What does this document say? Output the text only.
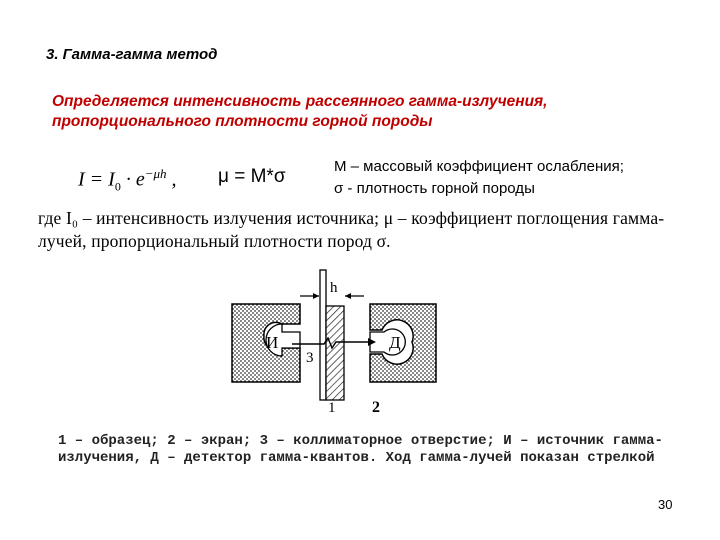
3. Гамма-гамма метод
Определяется интенсивность рассеянного гамма-излучения, пропорционального плотности горной породы
$I = I_0 \cdot e^{-\mu h}$ , μ = M*σ	M – массовый коэффициент ослабления;
σ - плотность горной породы
где I₀ – интенсивность излучения источника; μ – коэффициент поглощения гамма-лучей, пропорциональный плотности пород σ.
h
И	Д
3
1 2
1 – образец; 2 – экран; 3 – коллиматорное отверстие; И – источник гамма-излучения, Д – детектор гамма-квантов. Ход гамма-лучей показан стрелкой
30
